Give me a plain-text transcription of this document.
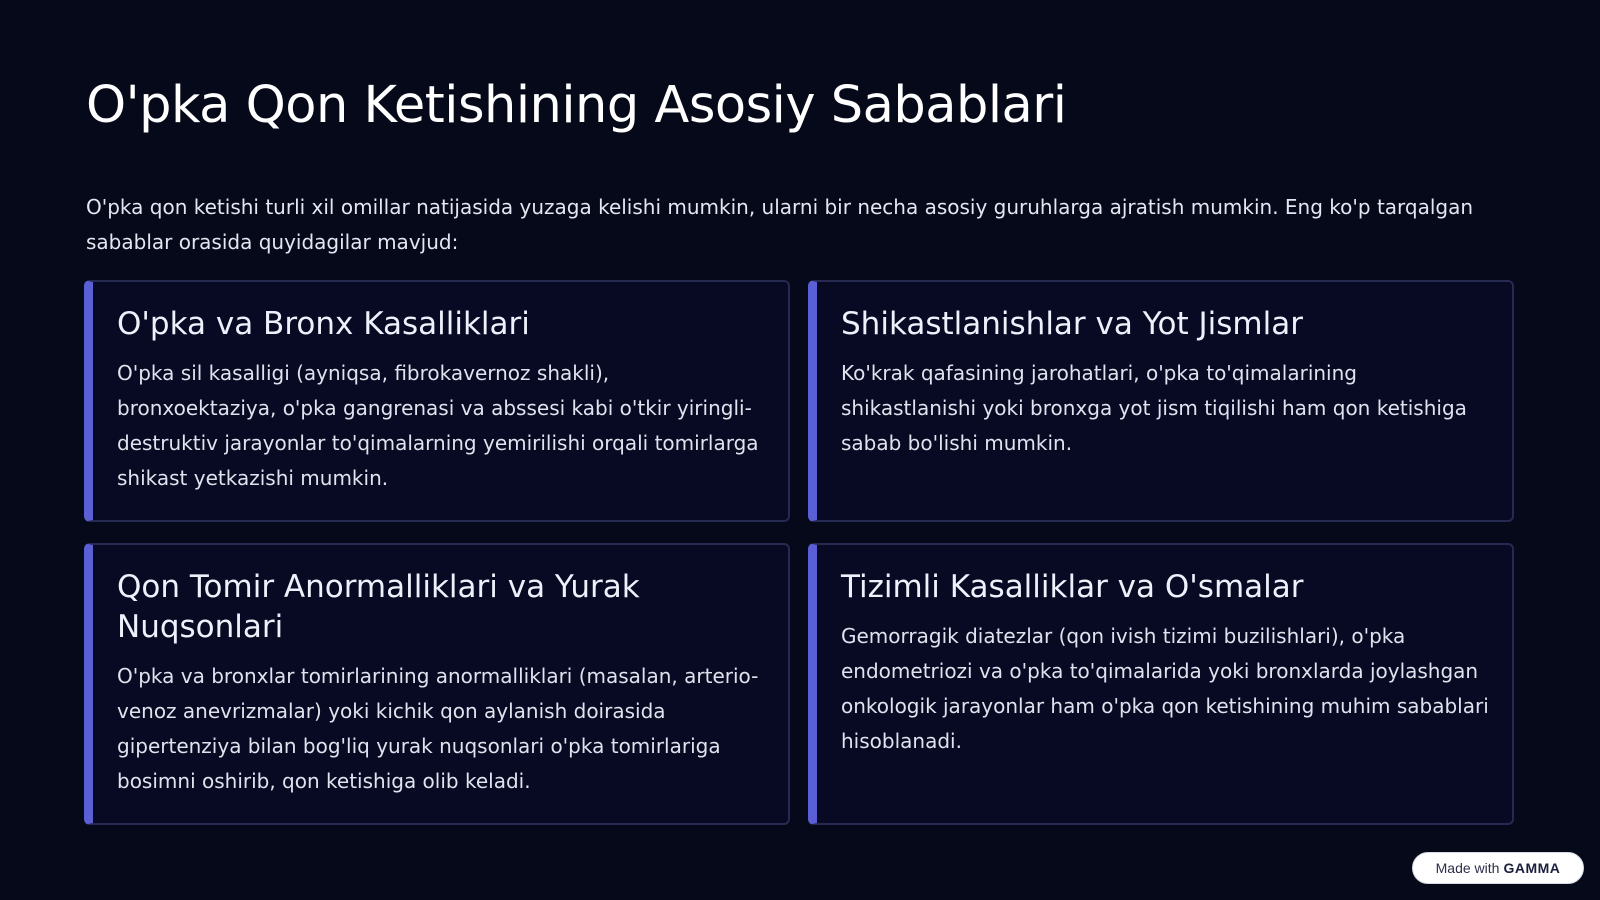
O'pka Qon Ketishining Asosiy Sabablari

O'pka qon ketishi turli xil omillar natijasida yuzaga kelishi mumkin, ularni bir necha asosiy guruhlarga ajratish mumkin. Eng ko'p tarqalgan sabablar orasida quyidagilar mavjud:

O'pka va Bronx Kasalliklari

O'pka sil kasalligi (ayniqsa, fibrokavernoz shakli), bronxoektaziya, o'pka gangrenasi va abssesi kabi o'tkir yiringli-destruktiv jarayonlar to'qimalarning yemirilishi orqali tomirlarga shikast yetkazishi mumkin.

Shikastlanishlar va Yot Jismlar

Ko'krak qafasining jarohatlari, o'pka to'qimalarining shikastlanishi yoki bronxga yot jism tiqilishi ham qon ketishiga sabab bo'lishi mumkin.

Qon Tomir Anormalliklari va Yurak Nuqsonlari

O'pka va bronxlar tomirlarining anormalliklari (masalan, arterio-venoz anevrizmalar) yoki kichik qon aylanish doirasida gipertenziya bilan bog'liq yurak nuqsonlari o'pka tomirlariga bosimni oshirib, qon ketishiga olib keladi.

Tizimli Kasalliklar va O'smalar

Gemorragik diatezlar (qon ivish tizimi buzilishlari), o'pka endometriozi va o'pka to'qimalarida yoki bronxlarda joylashgan onkologik jarayonlar ham o'pka qon ketishining muhim sabablari hisoblanadi.

Made with GAMMA
